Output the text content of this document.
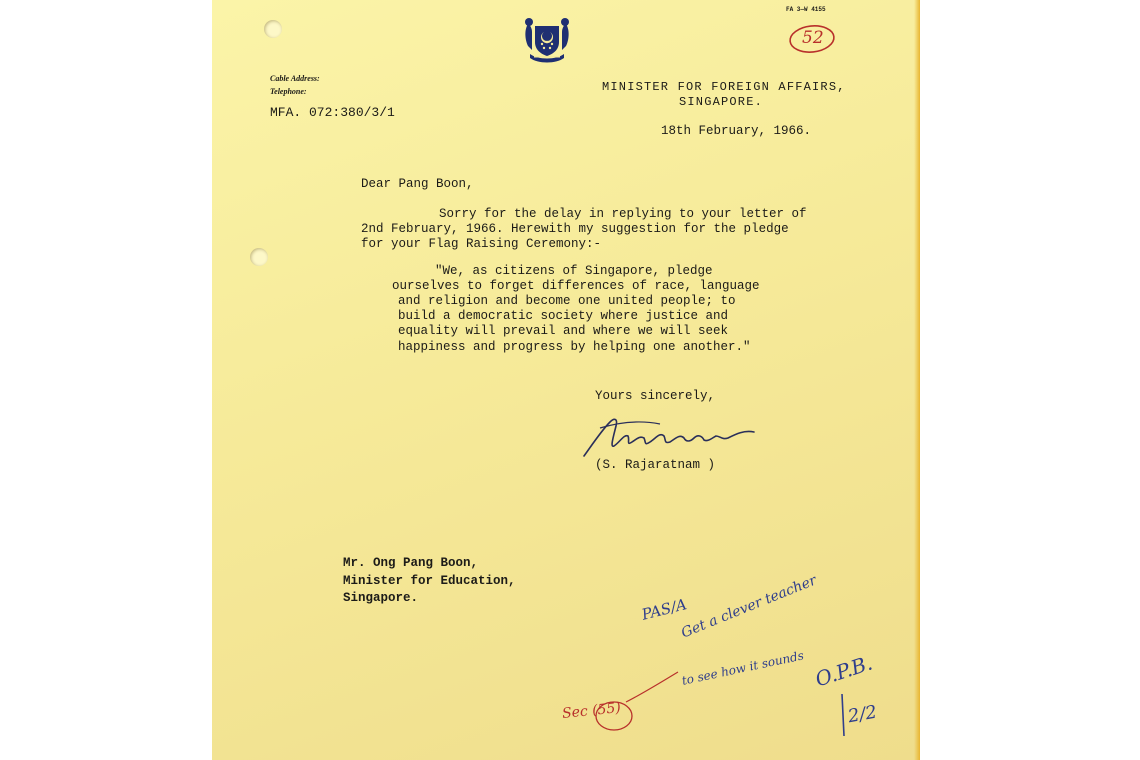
FA 3—W 4155
52
Cable Address:
Telephone:
MFA. 072:380/3/1
MINISTER FOR FOREIGN AFFAIRS,
SINGAPORE.
18th February, 1966.
Dear Pang Boon,
Sorry for the delay in replying to your letter of
2nd February, 1966. Herewith my suggestion for the pledge
for your Flag Raising Ceremony:-
"We, as citizens of Singapore, pledge
ourselves to forget differences of race, language
and religion and become one united people; to
build a democratic society where justice and
equality will prevail and where we will seek
happiness and progress by helping one another."
Yours sincerely,
(S. Rajaratnam )
Mr. Ong Pang Boon,
Minister for Education,
Singapore.	PAS/A
Get a clever teacher
to see how it sounds O.P.B.
2/2
Sec (55)
